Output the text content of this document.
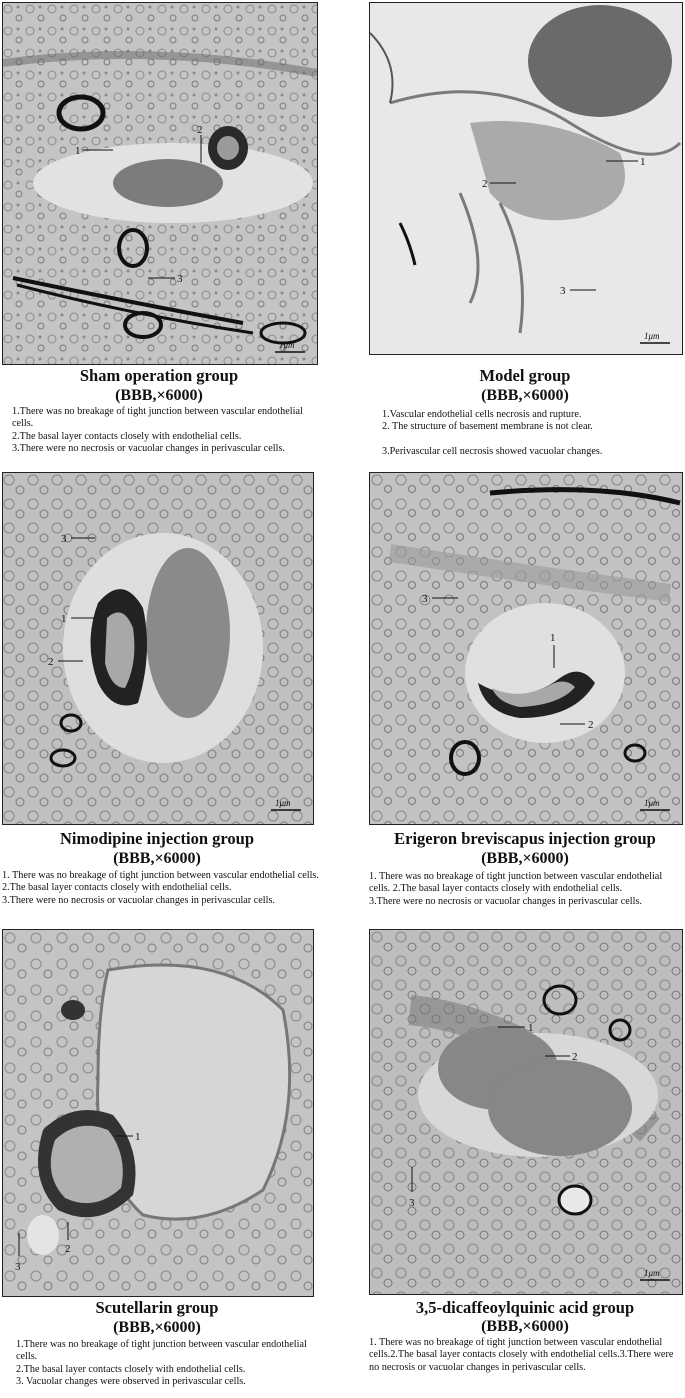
1
2
3
1μm
Sham operation group
(BBB,×6000)
1.There was no breakage of tight junction between vascular endothelial cells.
2.The basal layer contacts closely with endothelial cells.
3.There were no necrosis or vacuolar changes in perivascular cells.
1
2
3
1μm
Model group
(BBB,×6000)
1.Vascular endothelial cells necrosis and rupture.
2. The structure of basement membrane is not clear.
3.Perivascular cell necrosis showed vacuolar changes.
3
1
2
1μm
Nimodipine injection group
(BBB,×6000)
1. There was no breakage of tight junction between vascular endothelial cells.
2.The basal layer contacts closely with endothelial cells.
3.There were no necrosis or vacuolar changes in perivascular cells.
1
2
3
1μm
Erigeron breviscapus injection group
(BBB,×6000)
1. There was no breakage of tight junction between vascular endothelial cells. 2.The basal layer contacts closely with endothelial cells.
3.There were no necrosis or vacuolar changes in perivascular cells.
1
2
3
Scutellarin group
(BBB,×6000)
1.There was no breakage of tight junction between vascular endothelial cells.
2.The basal layer contacts closely with endothelial cells.
3. Vacuolar changes were observed in perivascular cells.
1
2
3
1μm
3,5-dicaffeoylquinic acid group
(BBB,×6000)
1. There was no breakage of tight junction between vascular endothelial cells.2.The basal layer contacts closely with endothelial cells.3.There were no necrosis or vacuolar changes in perivascular cells.
